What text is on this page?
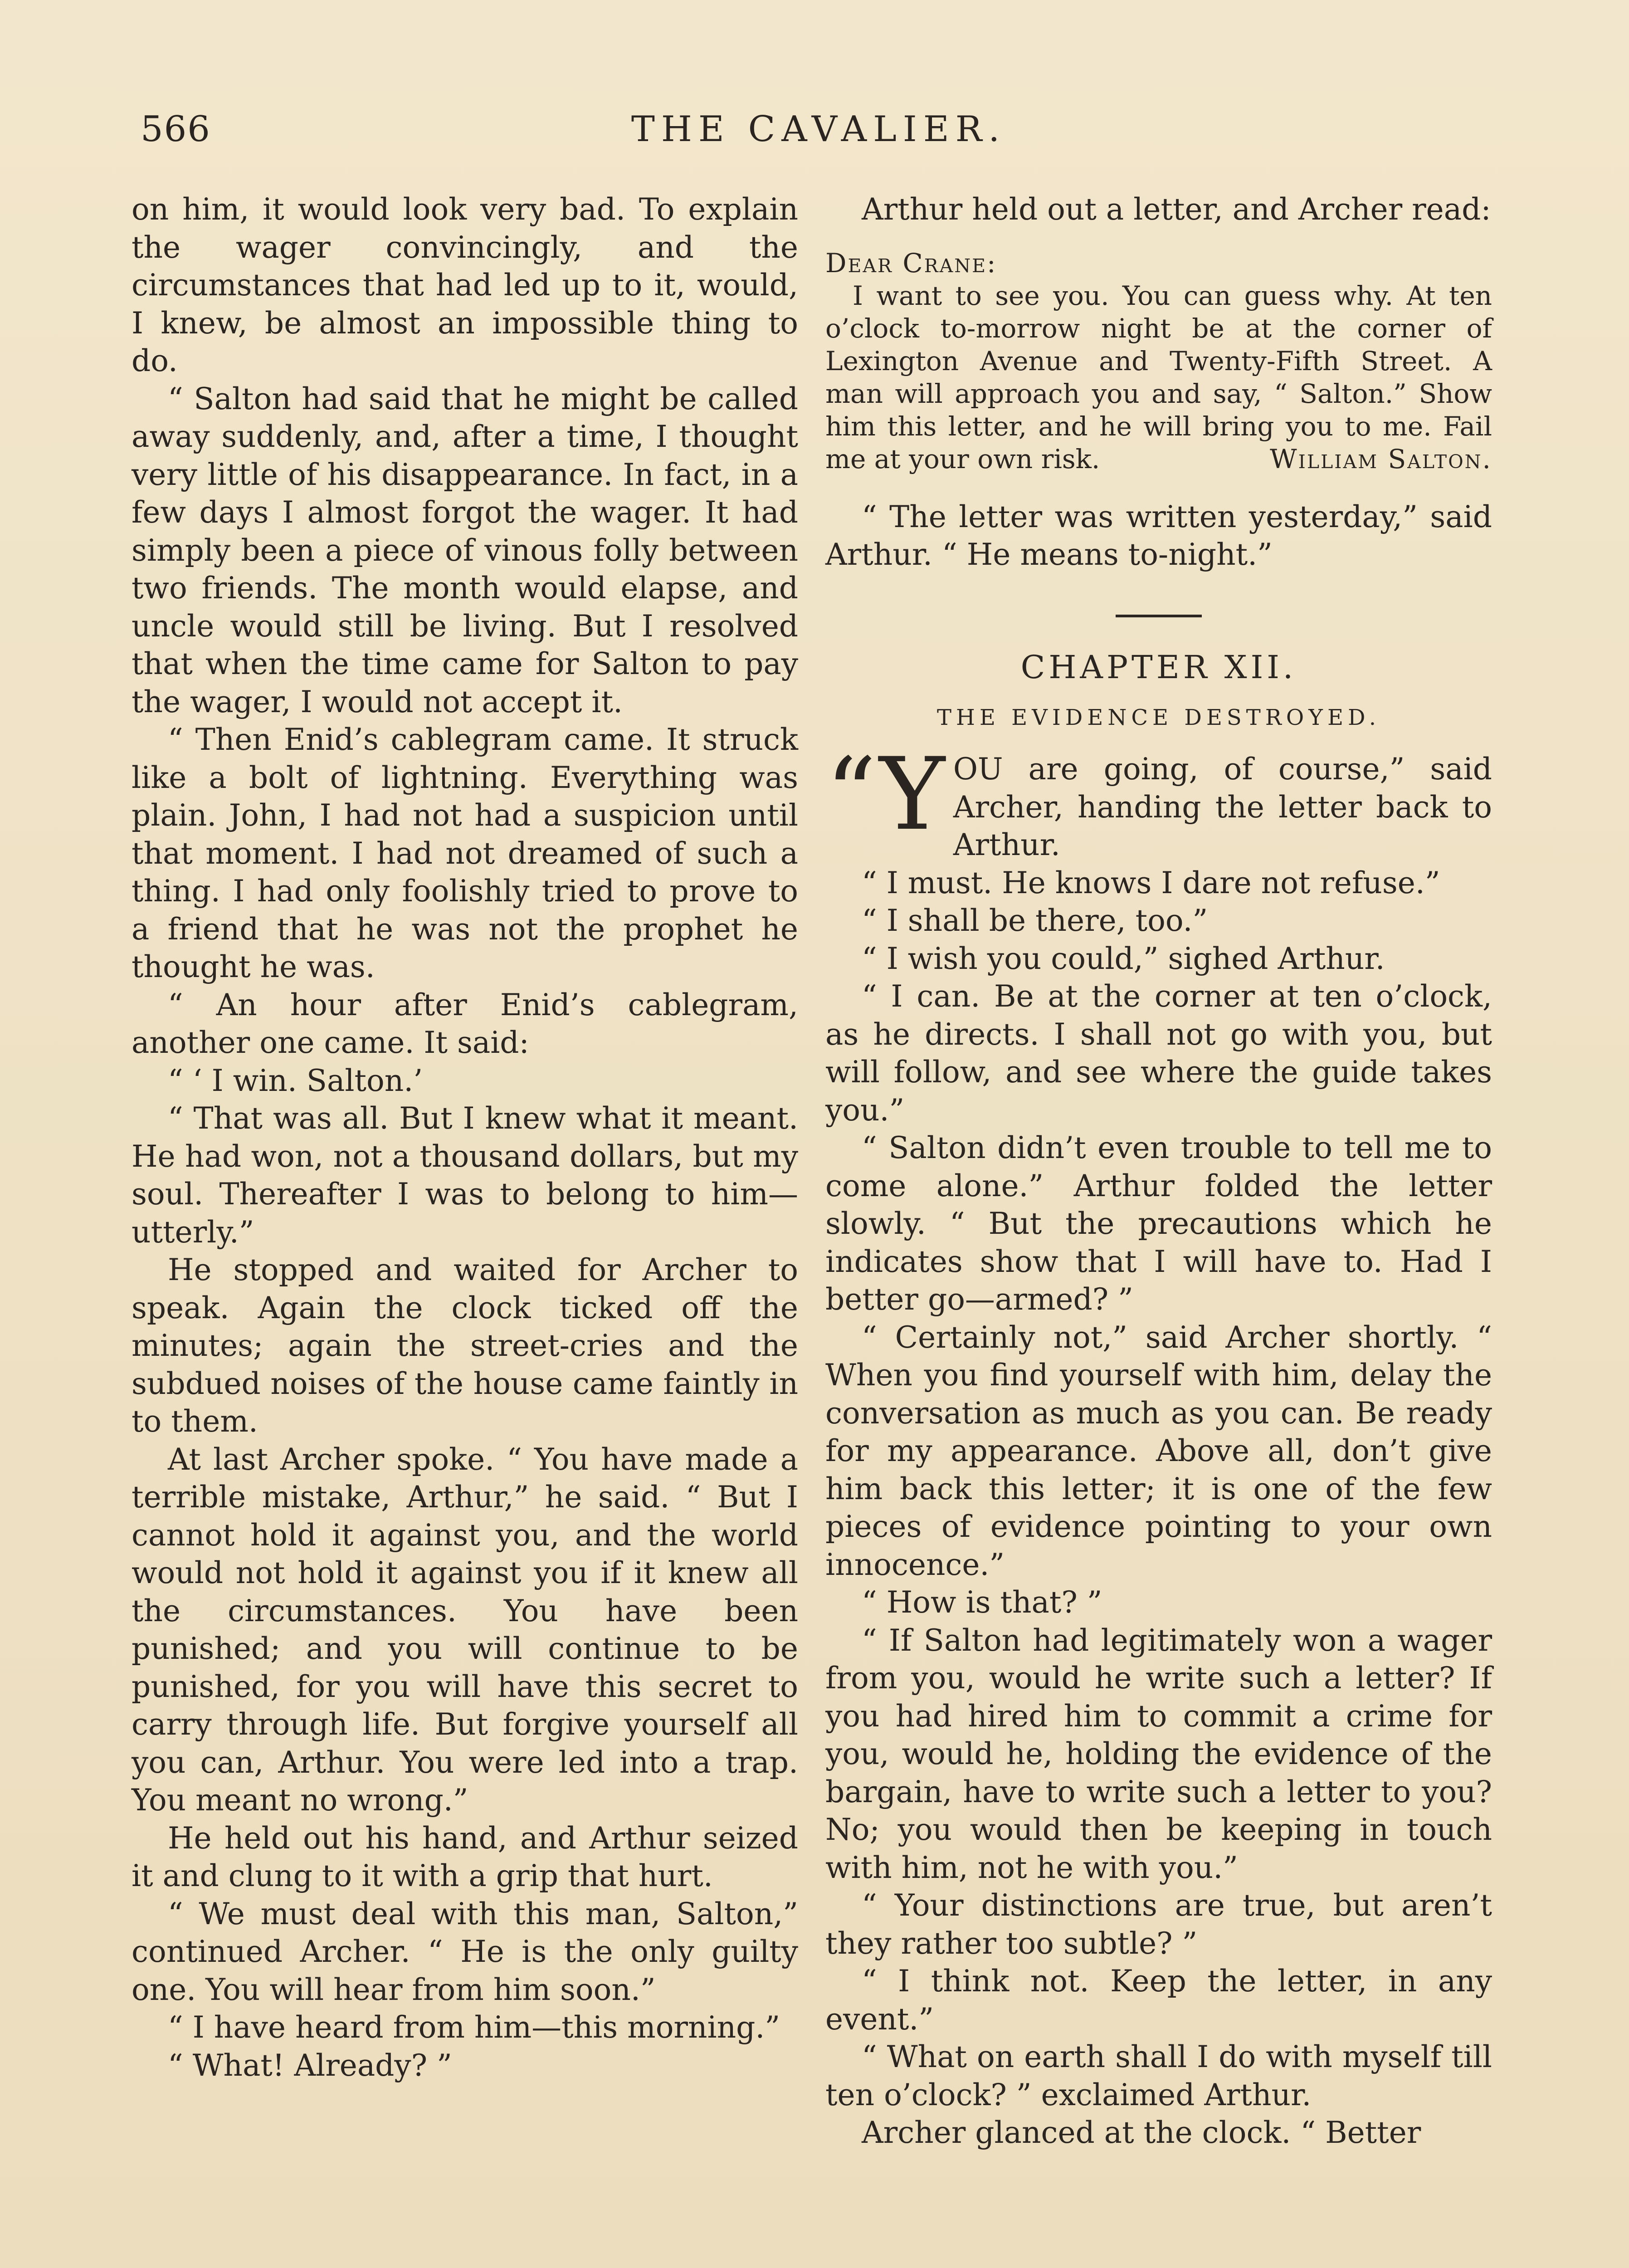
566	THE CAVALIER.

on him, it would look very bad. To explain the wager convincingly, and the circumstances that had led up to it, would, I knew, be almost an impossible thing to do.

“ Salton had said that he might be called away suddenly, and, after a time, I thought very little of his disappearance. In fact, in a few days I almost forgot the wager. It had simply been a piece of vinous folly between two friends. The month would elapse, and uncle would still be living. But I resolved that when the time came for Salton to pay the wager, I would not accept it.

“ Then Enid’s cablegram came. It struck like a bolt of lightning. Everything was plain. John, I had not had a suspicion until that moment. I had not dreamed of such a thing. I had only foolishly tried to prove to a friend that he was not the prophet he thought he was.

“ An hour after Enid’s cablegram, another one came. It said:

“ ‘ I win. Salton.’

“ That was all. But I knew what it meant. He had won, not a thousand dollars, but my soul. Thereafter I was to belong to him—utterly.”

He stopped and waited for Archer to speak. Again the clock ticked off the minutes; again the street-cries and the subdued noises of the house came faintly in to them.

At last Archer spoke. “ You have made a terrible mistake, Arthur,” he said. “ But I cannot hold it against you, and the world would not hold it against you if it knew all the circumstances. You have been punished; and you will continue to be punished, for you will have this secret to carry through life. But forgive yourself all you can, Arthur. You were led into a trap. You meant no wrong.”

He held out his hand, and Arthur seized it and clung to it with a grip that hurt.

“ We must deal with this man, Salton,” continued Archer. “ He is the only guilty one. You will hear from him soon.”

“ I have heard from him—this morning.”

“ What! Already? ”

Arthur held out a letter, and Archer read:

Dear Crane:
I want to see you. You can guess why. At ten o’clock to-morrow night be at the corner of Lexington Avenue and Twenty-Fifth Street. A man will approach you and say, “ Salton.” Show him this letter, and he will bring you to me. Fail me at your own risk.	William Salton.

“ The letter was written yesterday,” said Arthur. “ He means to-night.”

CHAPTER XII.
THE EVIDENCE DESTROYED.
“Y OU are going, of course,” said Archer, handing the letter back to Arthur.

“ I must. He knows I dare not refuse.”

“ I shall be there, too.”

“ I wish you could,” sighed Arthur.

“ I can. Be at the corner at ten o’clock, as he directs. I shall not go with you, but will follow, and see where the guide takes you.”

“ Salton didn’t even trouble to tell me to come alone.” Arthur folded the letter slowly. “ But the precautions which he indicates show that I will have to. Had I better go—armed? ”

“ Certainly not,” said Archer shortly. “ When you find yourself with him, delay the conversation as much as you can. Be ready for my appearance. Above all, don’t give him back this letter; it is one of the few pieces of evidence pointing to your own innocence.”

“ How is that? ”

“ If Salton had legitimately won a wager from you, would he write such a letter? If you had hired him to commit a crime for you, would he, holding the evidence of the bargain, have to write such a letter to you? No; you would then be keeping in touch with him, not he with you.”

“ Your distinctions are true, but aren’t they rather too subtle? ”

“ I think not. Keep the letter, in any event.”

“ What on earth shall I do with myself till ten o’clock? ” exclaimed Arthur.

Archer glanced at the clock. “ Better
